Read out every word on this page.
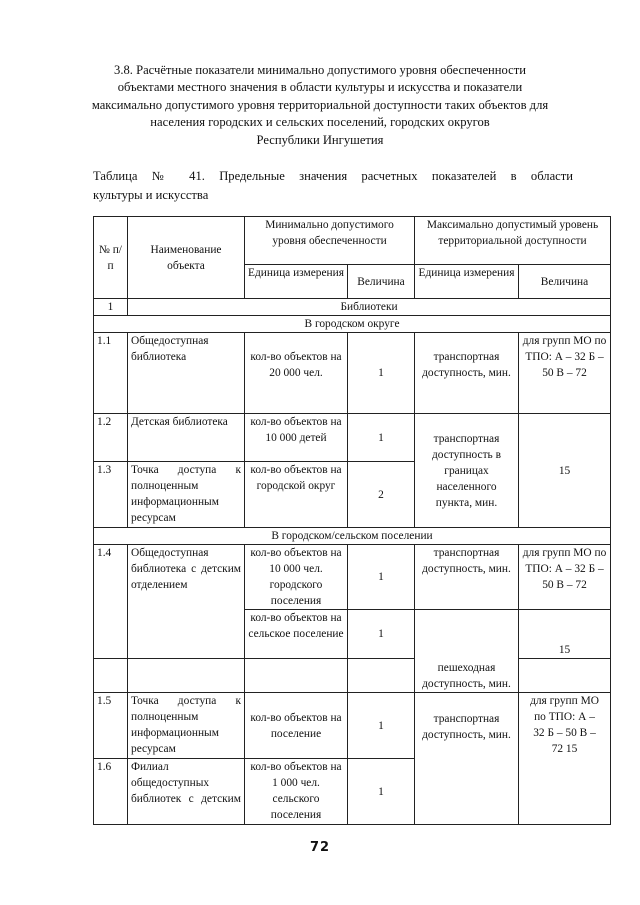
3.8. Расчётные показатели минимально допустимого уровня обеспеченности
объектами местного значения в области культуры и искусства и показатели
максимально допустимого уровня территориальной доступности таких объектов для
населения городских и сельских поселений, городских округов
Республики Ингушетия
Таблица № 41. Предельные значения расчетных показателей в области
культуры и искусства
№ п/п	Наименование объекта	Минимально допустимого уровня обеспеченности		Максимально допустимый уровень территориальной доступности	
		Единица измерения	Величина	Единица измерения	Величина
1	Библиотеки				
В городском округе					
1.1	Общедоступная библиотека	кол-во объектов на 20 000 чел.	1	транспортная доступность, мин.	для групп МО по ТПО: А – 32 Б – 50 В – 72
1.2	Детская библиотека	кол-во объектов на 10 000 детей	1	транспортная доступность в границах населенного пункта, мин.	15
1.3	Точка доступа к полноценным информационным ресурсам	кол-во объектов на городской округ	2		
В городском/сельском поселении					
1.4	Общедоступная библиотека с детским отделением	кол-во объектов на 10 000 чел. городского поселения	1	транспортная доступность, мин.	для групп МО по ТПО: А – 32 Б – 50 В – 72
		кол-во объектов на сельское поселение	1	пешеходная доступность, мин.	15

1.5	Точка доступа к полноценным информационным ресурсам	кол-во объектов на поселение	1	транспортная доступность, мин.	для групп МО по ТПО: А – 32 Б – 50 В – 72 15
1.6	Филиал общедоступных библиотек с детским	кол-во объектов на 1 000 чел. сельского поселения	1		
72
